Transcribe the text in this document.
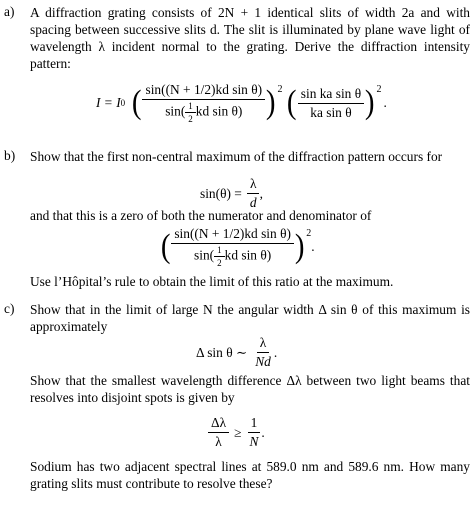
a) A diffraction grating consists of 2N + 1 identical slits of width 2a and with spacing between successive slits d. The slit is illuminated by plane wave light of wavelength λ incident normal to the grating. Derive the diffraction intensity pattern:

I = I 0 ( $\frac{\text{sin((N + 1/2)kd sin θ)}}{\sin( \frac{1}{2} kd \sin \theta)}$ ) 2 ( $\frac{\text{sin ka sin θ}}{\text{ka sin θ}}$ ) 2
.
b) Show that the first non-central maximum of the diffraction pattern occurs for

$\sin(\theta) = \frac{\lambda}{d}$ ,

and that this is a zero of both the numerator and denominator of

( $\frac{\text{sin((N + 1/2)kd sin θ)}}{\sin( \frac{1}{2} kd \sin \theta)}$ ) 2
.

Use l’Hôpital’s rule to obtain the limit of this ratio at the maximum.

c) Show that in the limit of large N the angular width Δ sin θ of this maximum is approximately

Δ sin θ ∼ $\frac{\lambda}{Nd}$ .

Show that the smallest wavelength difference Δλ between two light beams that resolves into disjoint spots is given by

$\frac{\Delta\lambda}{\lambda} \ge \frac{1}{N}$ .

Sodium has two adjacent spectral lines at 589.0 nm and 589.6 nm. How many grating slits must contribute to resolve these?
